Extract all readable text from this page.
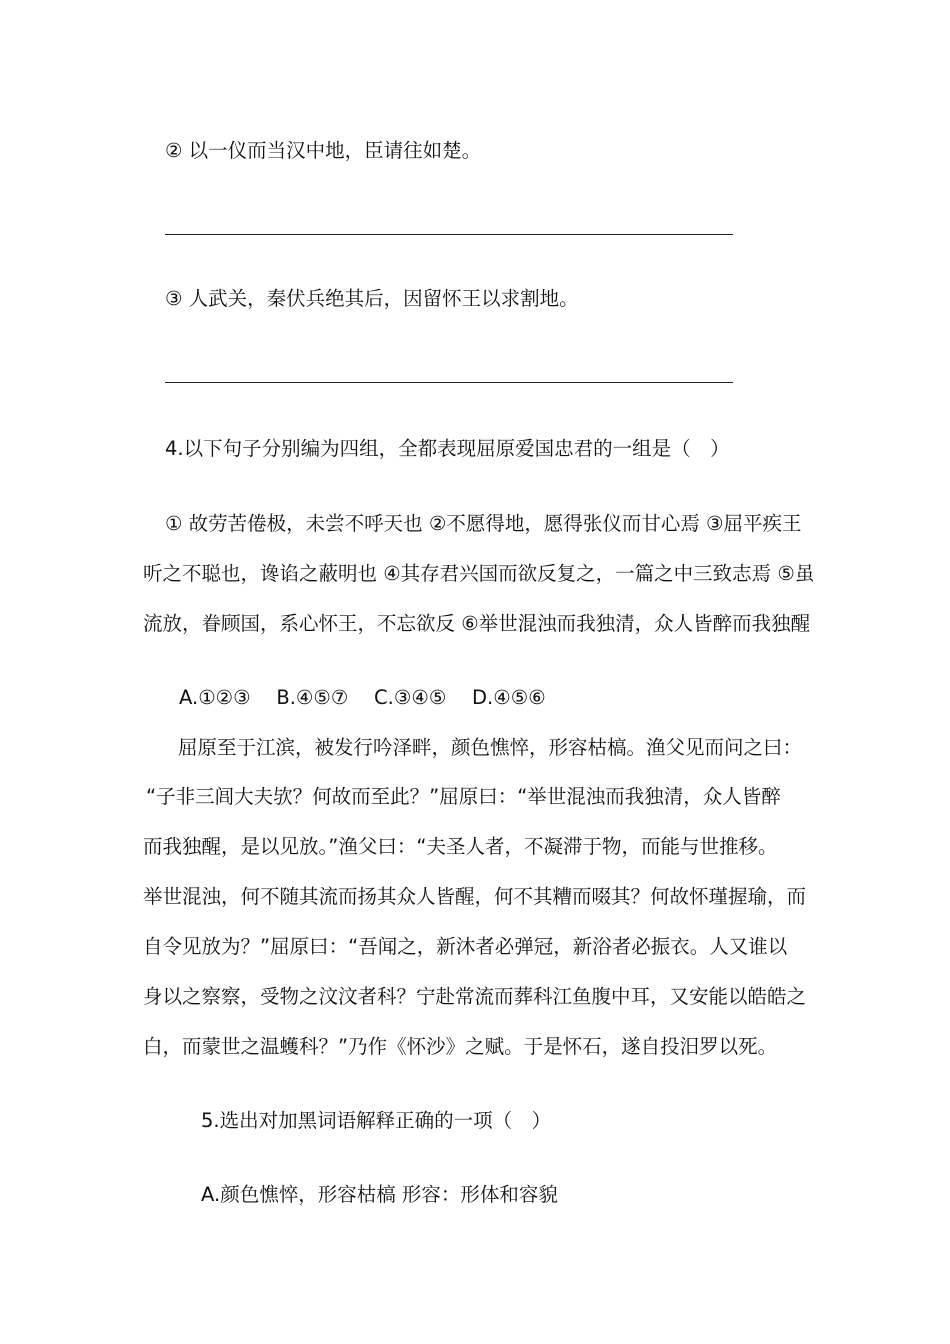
② 以一仪而当汉中地，臣请往如楚。
③ 人武关，秦伏兵绝其后，因留怀王以求割地。
4.以下句子分别编为四组，全都表现屈原爱国忠君的一组是（　）
① 故劳苦倦极，未尝不呼天也 ②不愿得地，愿得张仪而甘心焉 ③屈平疾王
听之不聪也，谗谄之蔽明也 ④其存君兴国而欲反复之，一篇之中三致志焉 ⑤虽
流放，眷顾国，系心怀王，不忘欲反 ⑥举世混浊而我独清，众人皆醉而我独醒
A.①②③　 B.④⑤⑦　 C.③④⑤　 D.④⑤⑥
屈原至于江滨，被发行吟泽畔，颜色憔悴，形容枯槁。渔父见而问之曰：
“子非三闾大夫欤？何故而至此？”屈原曰：“举世混浊而我独清，众人皆醉
而我独醒，是以见放。”渔父曰：“夫圣人者，不凝滞于物，而能与世推移。
举世混浊，何不随其流而扬其众人皆醒，何不其糟而啜其？何故怀瑾握瑜，而
自令见放为？”屈原曰：“吾闻之，新沐者必弹冠，新浴者必振衣。人又谁以
身以之察察，受物之汶汶者科？宁赴常流而葬科江鱼腹中耳，又安能以皓皓之
白，而蒙世之温蠖科？”乃作《怀沙》之赋。于是怀石，遂自投汨罗以死。
5.选出对加黑词语解释正确的一项（　）
A.颜色憔悴，形容枯槁 形容：形体和容貌
